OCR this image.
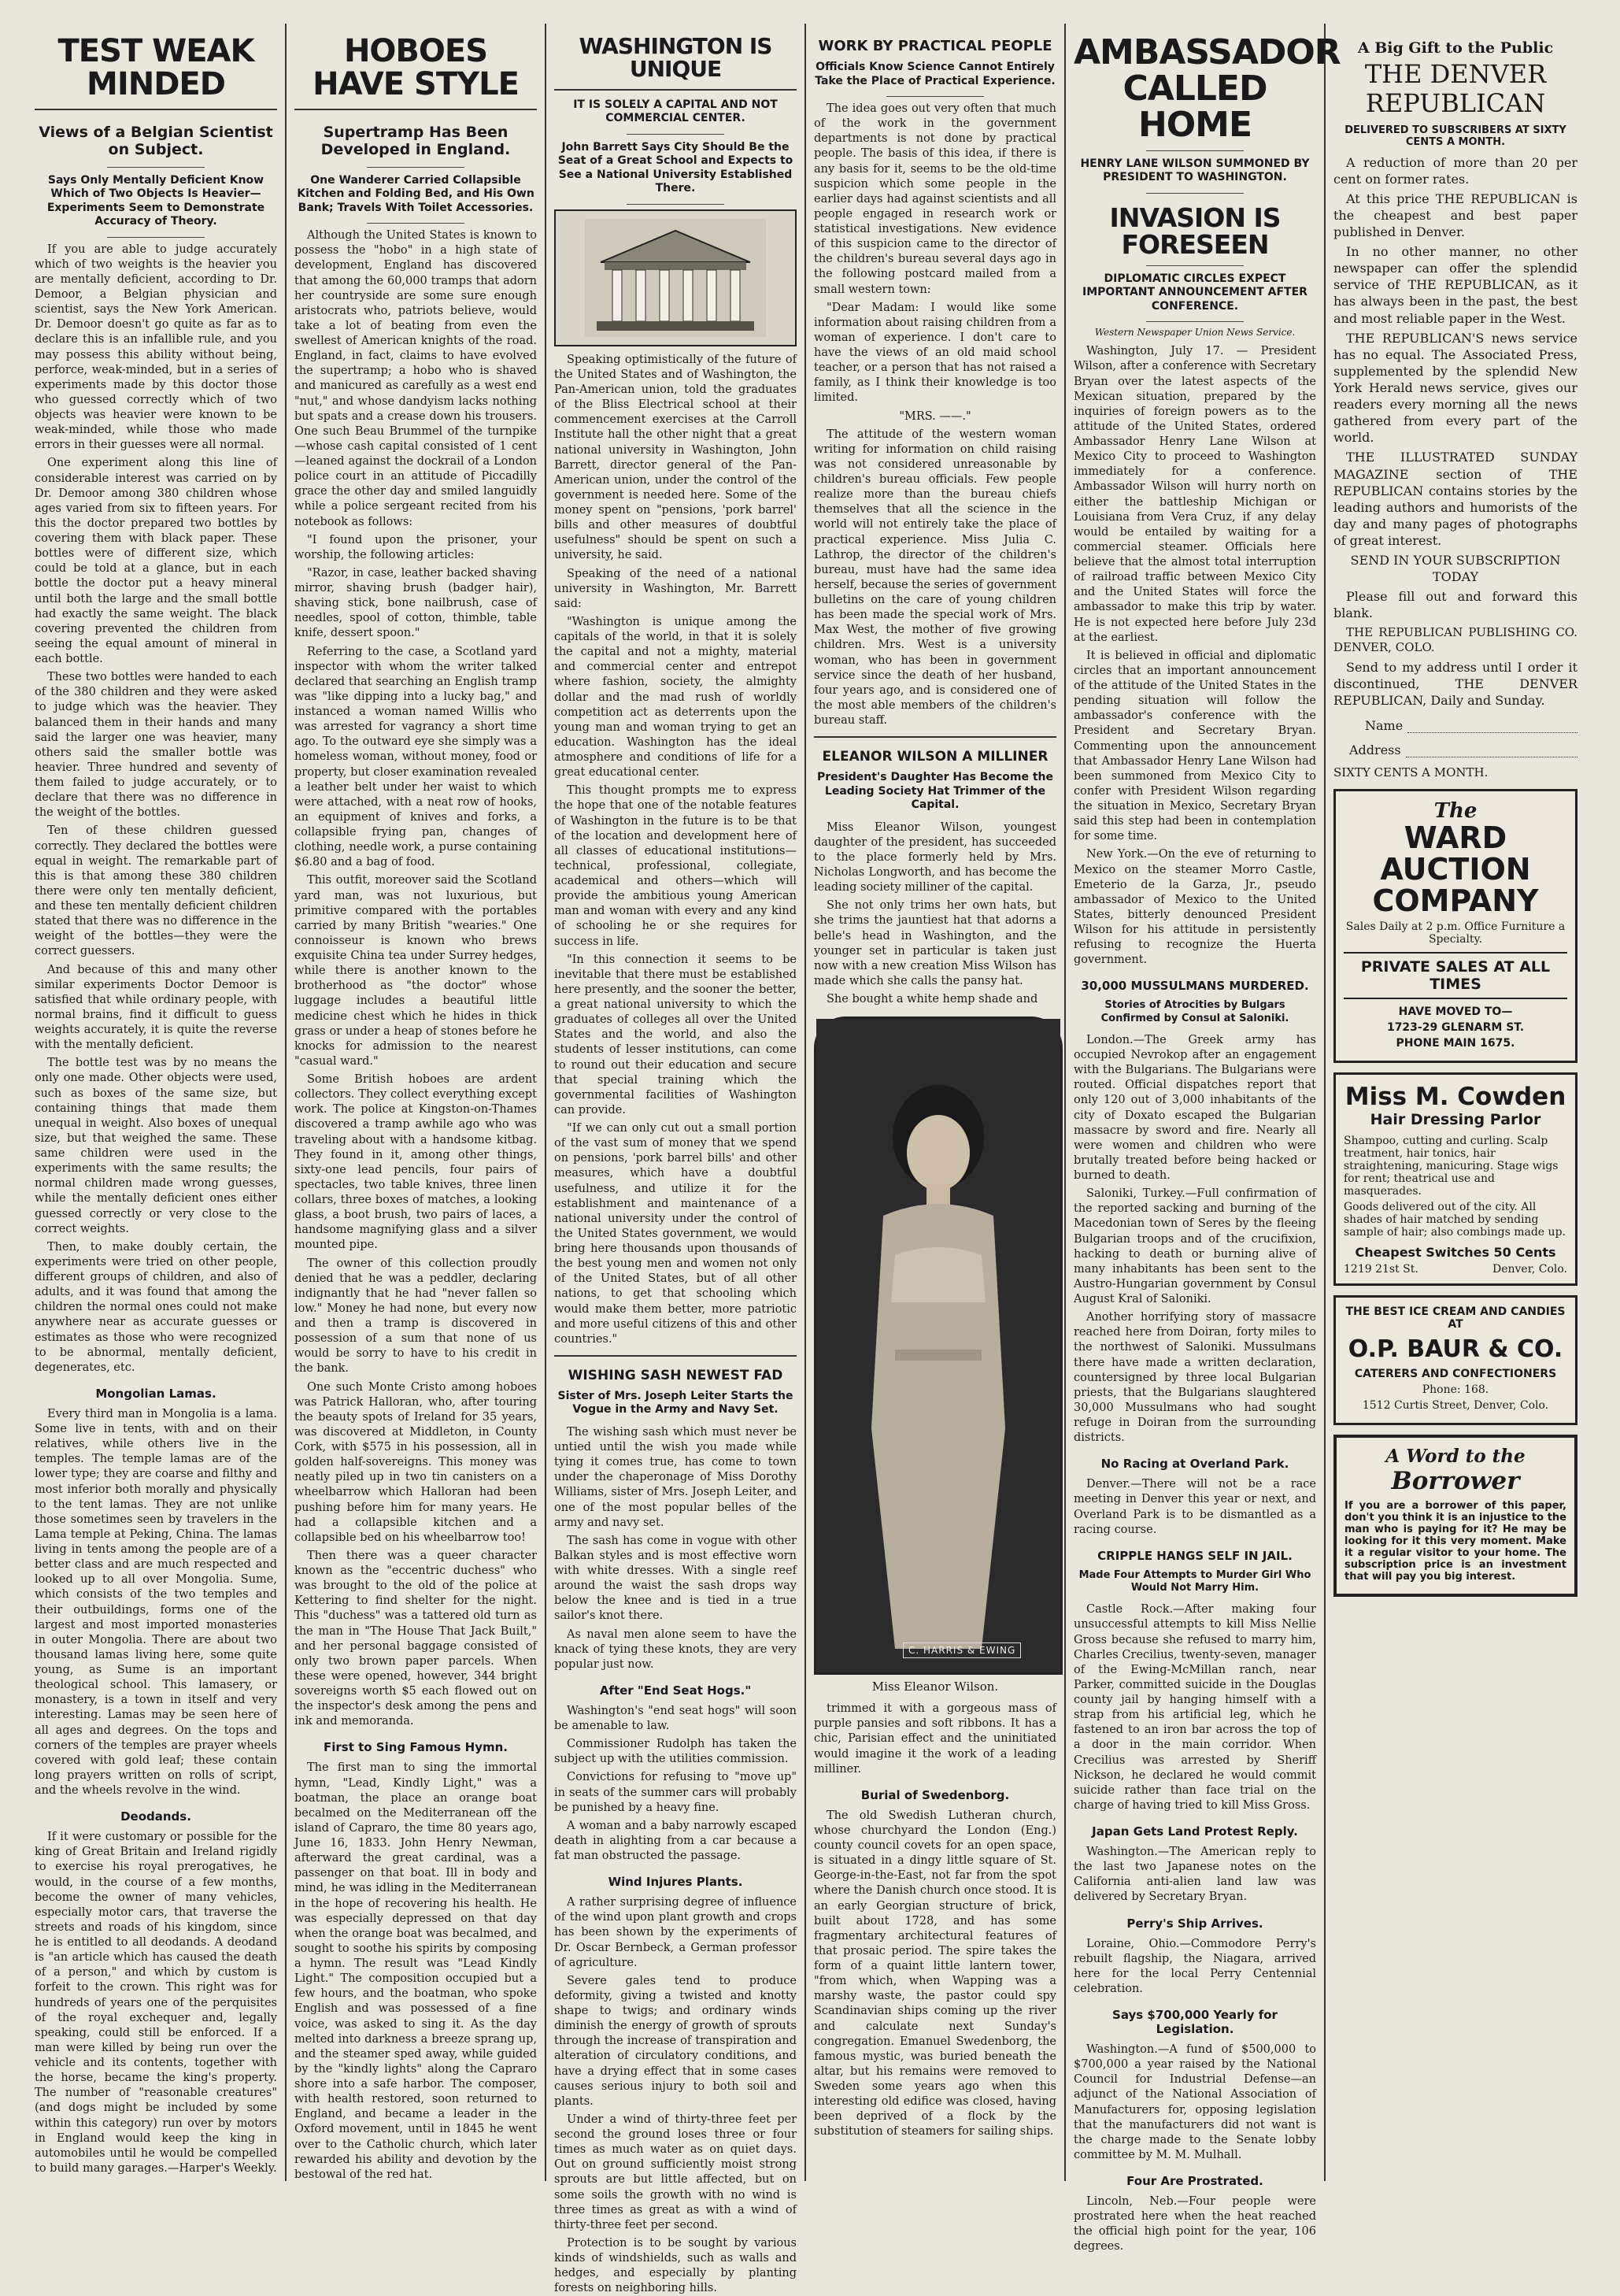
TEST WEAK MINDED
Views of a Belgian Scientist on Subject.
Says Only Mentally Deficient Know Which of Two Objects Is Heavier—Experiments Seem to Demonstrate Accuracy of Theory.

If you are able to judge accurately which of two weights is the heavier you are mentally deficient, according to Dr. Demoor, a Belgian physician and scientist, says the New York American. Dr. Demoor doesn't go quite as far as to declare this is an infallible rule, and you may possess this ability without being, perforce, weak-minded, but in a series of experiments made by this doctor those who guessed correctly which of two objects was heavier were known to be weak-minded, while those who made errors in their guesses were all normal.

One experiment along this line of considerable interest was carried on by Dr. Demoor among 380 children whose ages varied from six to fifteen years. For this the doctor prepared two bottles by covering them with black paper. These bottles were of different size, which could be told at a glance, but in each bottle the doctor put a heavy mineral until both the large and the small bottle had exactly the same weight. The black covering prevented the children from seeing the equal amount of mineral in each bottle.

These two bottles were handed to each of the 380 children and they were asked to judge which was the heavier. They balanced them in their hands and many said the larger one was heavier, many others said the smaller bottle was heavier. Three hundred and seventy of them failed to judge accurately, or to declare that there was no difference in the weight of the bottles.

Ten of these children guessed correctly. They declared the bottles were equal in weight. The remarkable part of this is that among these 380 children there were only ten mentally deficient, and these ten mentally deficient children stated that there was no difference in the weight of the bottles—they were the correct guessers.

And because of this and many other similar experiments Doctor Demoor is satisfied that while ordinary people, with normal brains, find it difficult to guess weights accurately, it is quite the reverse with the mentally deficient.

The bottle test was by no means the only one made. Other objects were used, such as boxes of the same size, but containing things that made them unequal in weight. Also boxes of unequal size, but that weighed the same. These same children were used in the experiments with the same results; the normal children made wrong guesses, while the mentally deficient ones either guessed correctly or very close to the correct weights.

Then, to make doubly certain, the experiments were tried on other people, different groups of children, and also of adults, and it was found that among the children the normal ones could not make anywhere near as accurate guesses or estimates as those who were recognized to be abnormal, mentally deficient, degenerates, etc.

Mongolian Lamas.

Every third man in Mongolia is a lama. Some live in tents, with and on their relatives, while others live in the temples. The temple lamas are of the lower type; they are coarse and filthy and most inferior both morally and physically to the tent lamas. They are not unlike those sometimes seen by travelers in the Lama temple at Peking, China. The lamas living in tents among the people are of a better class and are much respected and looked up to all over Mongolia. Sume, which consists of the two temples and their outbuildings, forms one of the largest and most imported monasteries in outer Mongolia. There are about two thousand lamas living here, some quite young, as Sume is an important theological school. This lamasery, or monastery, is a town in itself and very interesting. Lamas may be seen here of all ages and degrees. On the tops and corners of the temples are prayer wheels covered with gold leaf; these contain long prayers written on rolls of script, and the wheels revolve in the wind.

Deodands.

If it were customary or possible for the king of Great Britain and Ireland rigidly to exercise his royal prerogatives, he would, in the course of a few months, become the owner of many vehicles, especially motor cars, that traverse the streets and roads of his kingdom, since he is entitled to all deodands. A deodand is "an article which has caused the death of a person," and which by custom is forfeit to the crown. This right was for hundreds of years one of the perquisites of the royal exchequer and, legally speaking, could still be enforced. If a man were killed by being run over the vehicle and its contents, together with the horse, became the king's property. The number of "reasonable creatures" (and dogs might be included by some within this category) run over by motors in England would keep the king in automobiles until he would be compelled to build many garages.—Harper's Weekly.

HOBOES HAVE STYLE
Supertramp Has Been Developed in England.
One Wanderer Carried Collapsible Kitchen and Folding Bed, and His Own Bank; Travels With Toilet Accessories.

Although the United States is known to possess the "hobo" in a high state of development, England has discovered that among the 60,000 tramps that adorn her countryside are some sure enough aristocrats who, patriots believe, would take a lot of beating from even the swellest of American knights of the road. England, in fact, claims to have evolved the supertramp; a hobo who is shaved and manicured as carefully as a west end "nut," and whose dandyism lacks nothing but spats and a crease down his trousers. One such Beau Brummel of the turnpike—whose cash capital consisted of 1 cent—leaned against the dockrail of a London police court in an attitude of Piccadilly grace the other day and smiled languidly while a police sergeant recited from his notebook as follows:

"I found upon the prisoner, your worship, the following articles:

"Razor, in case, leather backed shaving mirror, shaving brush (badger hair), shaving stick, bone nailbrush, case of needles, spool of cotton, thimble, table knife, dessert spoon."

Referring to the case, a Scotland yard inspector with whom the writer talked declared that searching an English tramp was "like dipping into a lucky bag," and instanced a woman named Willis who was arrested for vagrancy a short time ago. To the outward eye she simply was a homeless woman, without money, food or property, but closer examination revealed a leather belt under her waist to which were attached, with a neat row of hooks, an equipment of knives and forks, a collapsible frying pan, changes of clothing, needle work, a purse containing $6.80 and a bag of food.

This outfit, moreover said the Scotland yard man, was not luxurious, but primitive compared with the portables carried by many British "wearies." One connoisseur is known who brews exquisite China tea under Surrey hedges, while there is another known to the brotherhood as "the doctor" whose luggage includes a beautiful little medicine chest which he hides in thick grass or under a heap of stones before he knocks for admission to the nearest "casual ward."

Some British hoboes are ardent collectors. They collect everything except work. The police at Kingston-on-Thames discovered a tramp awhile ago who was traveling about with a handsome kitbag. They found in it, among other things, sixty-one lead pencils, four pairs of spectacles, two table knives, three linen collars, three boxes of matches, a looking glass, a boot brush, two pairs of laces, a handsome magnifying glass and a silver mounted pipe.

The owner of this collection proudly denied that he was a peddler, declaring indignantly that he had "never fallen so low." Money he had none, but every now and then a tramp is discovered in possession of a sum that none of us would be sorry to have to his credit in the bank.

One such Monte Cristo among hoboes was Patrick Halloran, who, after touring the beauty spots of Ireland for 35 years, was discovered at Middleton, in County Cork, with $575 in his possession, all in golden half-sovereigns. This money was neatly piled up in two tin canisters on a wheelbarrow which Halloran had been pushing before him for many years. He had a collapsible kitchen and a collapsible bed on his wheelbarrow too!

Then there was a queer character known as the "eccentric duchess" who was brought to the old of the police at Kettering to find shelter for the night. This "duchess" was a tattered old turn as the man in "The House That Jack Built," and her personal baggage consisted of only two brown paper parcels. When these were opened, however, 344 bright sovereigns worth $5 each flowed out on the inspector's desk among the pens and ink and memoranda.

First to Sing Famous Hymn.

The first man to sing the immortal hymn, "Lead, Kindly Light," was a boatman, the place an orange boat becalmed on the Mediterranean off the island of Capraro, the time 80 years ago, June 16, 1833. John Henry Newman, afterward the great cardinal, was a passenger on that boat. Ill in body and mind, he was idling in the Mediterranean in the hope of recovering his health. He was especially depressed on that day when the orange boat was becalmed, and sought to soothe his spirits by composing a hymn. The result was "Lead Kindly Light." The composition occupied but a few hours, and the boatman, who spoke English and was possessed of a fine voice, was asked to sing it. As the day melted into darkness a breeze sprang up, and the steamer sped away, while guided by the "kindly lights" along the Capraro shore into a safe harbor. The composer, with health restored, soon returned to England, and became a leader in the Oxford movement, until in 1845 he went over to the Catholic church, which later rewarded his ability and devotion by the bestowal of the red hat.

WASHINGTON IS UNIQUE
IT IS SOLELY A CAPITAL AND NOT COMMERCIAL CENTER.
John Barrett Says City Should Be the Seat of a Great School and Expects to See a National University Established There.

Speaking optimistically of the future of the United States and of Washington, the Pan-American union, told the graduates of the Bliss Electrical school at their commencement exercises at the Carroll Institute hall the other night that a great national university in Washington, John Barrett, director general of the Pan-American union, under the control of the government is needed here. Some of the money spent on "pensions, 'pork barrel' bills and other measures of doubtful usefulness" should be spent on such a university, he said.

Speaking of the need of a national university in Washington, Mr. Barrett said:

"Washington is unique among the capitals of the world, in that it is solely the capital and not a mighty, material and commercial center and entrepot where fashion, society, the almighty dollar and the mad rush of worldly competition act as deterrents upon the young man and woman trying to get an education. Washington has the ideal atmosphere and conditions of life for a great educational center.

This thought prompts me to express the hope that one of the notable features of Washington in the future is to be that of the location and development here of all classes of educational institutions—technical, professional, collegiate, academical and others—which will provide the ambitious young American man and woman with every and any kind of schooling he or she requires for success in life.

"In this connection it seems to be inevitable that there must be established here presently, and the sooner the better, a great national university to which the graduates of colleges all over the United States and the world, and also the students of lesser institutions, can come to round out their education and secure that special training which the governmental facilities of Washington can provide.

"If we can only cut out a small portion of the vast sum of money that we spend on pensions, 'pork barrel bills' and other measures, which have a doubtful usefulness, and utilize it for the establishment and maintenance of a national university under the control of the United States government, we would bring here thousands upon thousands of the best young men and women not only of the United States, but of all other nations, to get that schooling which would make them better, more patriotic and more useful citizens of this and other countries."

WISHING SASH NEWEST FAD
Sister of Mrs. Joseph Leiter Starts the Vogue in the Army and Navy Set.

The wishing sash which must never be untied until the wish you made while tying it comes true, has come to town under the chaperonage of Miss Dorothy Williams, sister of Mrs. Joseph Leiter, and one of the most popular belles of the army and navy set.

The sash has come in vogue with other Balkan styles and is most effective worn with white dresses. With a single reef around the waist the sash drops way below the knee and is tied in a true sailor's knot there.

As naval men alone seem to have the knack of tying these knots, they are very popular just now.

After "End Seat Hogs."

Washington's "end seat hogs" will soon be amenable to law.

Commissioner Rudolph has taken the subject up with the utilities commission.

Convictions for refusing to "move up" in seats of the summer cars will probably be punished by a heavy fine.

A woman and a baby narrowly escaped death in alighting from a car because a fat man obstructed the passage.

Wind Injures Plants.

A rather surprising degree of influence of the wind upon plant growth and crops has been shown by the experiments of Dr. Oscar Bernbeck, a German professor of agriculture.

Severe gales tend to produce deformity, giving a twisted and knotty shape to twigs; and ordinary winds diminish the energy of growth of sprouts through the increase of transpiration and alteration of circulatory conditions, and have a drying effect that in some cases causes serious injury to both soil and plants.

Under a wind of thirty-three feet per second the ground loses three or four times as much water as on quiet days. Out on ground sufficiently moist strong sprouts are but little affected, but on some soils the growth with no wind is three times as great as with a wind of thirty-three feet per second.

Protection is to be sought by various kinds of windshields, such as walls and hedges, and especially by planting forests on neighboring hills.

WORK BY PRACTICAL PEOPLE
Officials Know Science Cannot Entirely Take the Place of Practical Experience.

The idea goes out very often that much of the work in the government departments is not done by practical people. The basis of this idea, if there is any basis for it, seems to be the old-time suspicion which some people in the earlier days had against scientists and all people engaged in research work or statistical investigations. New evidence of this suspicion came to the director of the children's bureau several days ago in the following postcard mailed from a small western town:

"Dear Madam: I would like some information about raising children from a woman of experience. I don't care to have the views of an old maid school teacher, or a person that has not raised a family, as I think their knowledge is too limited.

"MRS. ——."

The attitude of the western woman writing for information on child raising was not considered unreasonable by children's bureau officials. Few people realize more than the bureau chiefs themselves that all the science in the world will not entirely take the place of practical experience. Miss Julia C. Lathrop, the director of the children's bureau, must have had the same idea herself, because the series of government bulletins on the care of young children has been made the special work of Mrs. Max West, the mother of five growing children. Mrs. West is a university woman, who has been in government service since the death of her husband, four years ago, and is considered one of the most able members of the children's bureau staff.

ELEANOR WILSON A MILLINER
President's Daughter Has Become the Leading Society Hat Trimmer of the Capital.

Miss Eleanor Wilson, youngest daughter of the president, has succeeded to the place formerly held by Mrs. Nicholas Longworth, and has become the leading society milliner of the capital.

She not only trims her own hats, but she trims the jauntiest hat that adorns a belle's head in Washington, and the younger set in particular is taken just now with a new creation Miss Wilson has made which she calls the pansy hat.

She bought a white hemp shade and

C. HARRIS & EWING
Miss Eleanor Wilson.

trimmed it with a gorgeous mass of purple pansies and soft ribbons. It has a chic, Parisian effect and the uninitiated would imagine it the work of a leading milliner.

Burial of Swedenborg.

The old Swedish Lutheran church, whose churchyard the London (Eng.) county council covets for an open space, is situated in a dingy little square of St. George-in-the-East, not far from the spot where the Danish church once stood. It is an early Georgian structure of brick, built about 1728, and has some fragmentary architectural features of that prosaic period. The spire takes the form of a quaint little lantern tower, "from which, when Wapping was a marshy waste, the pastor could spy Scandinavian ships coming up the river and calculate next Sunday's congregation. Emanuel Swedenborg, the famous mystic, was buried beneath the altar, but his remains were removed to Sweden some years ago when this interesting old edifice was closed, having been deprived of a flock by the substitution of steamers for sailing ships.

AMBASSADOR CALLED HOME
HENRY LANE WILSON SUMMONED BY PRESIDENT TO WASHINGTON.
INVASION IS FORESEEN
DIPLOMATIC CIRCLES EXPECT IMPORTANT ANNOUNCEMENT AFTER CONFERENCE.
Western Newspaper Union News Service.

Washington, July 17. — President Wilson, after a conference with Secretary Bryan over the latest aspects of the Mexican situation, prepared by the inquiries of foreign powers as to the attitude of the United States, ordered Ambassador Henry Lane Wilson at Mexico City to proceed to Washington immediately for a conference. Ambassador Wilson will hurry north on either the battleship Michigan or Louisiana from Vera Cruz, if any delay would be entailed by waiting for a commercial steamer. Officials here believe that the almost total interruption of railroad traffic between Mexico City and the United States will force the ambassador to make this trip by water. He is not expected here before July 23d at the earliest.

It is believed in official and diplomatic circles that an important announcement of the attitude of the United States in the pending situation will follow the ambassador's conference with the President and Secretary Bryan. Commenting upon the announcement that Ambassador Henry Lane Wilson had been summoned from Mexico City to confer with President Wilson regarding the situation in Mexico, Secretary Bryan said this step had been in contemplation for some time.

New York.—On the eve of returning to Mexico on the steamer Morro Castle, Emeterio de la Garza, Jr., pseudo ambassador of Mexico to the United States, bitterly denounced President Wilson for his attitude in persistently refusing to recognize the Huerta government.

30,000 MUSSULMANS MURDERED.
Stories of Atrocities by Bulgars Confirmed by Consul at Saloniki.

London.—The Greek army has occupied Nevrokop after an engagement with the Bulgarians. The Bulgarians were routed. Official dispatches report that only 120 out of 3,000 inhabitants of the city of Doxato escaped the Bulgarian massacre by sword and fire. Nearly all were women and children who were brutally treated before being hacked or burned to death.

Saloniki, Turkey.—Full confirmation of the reported sacking and burning of the Macedonian town of Seres by the fleeing Bulgarian troops and of the crucifixion, hacking to death or burning alive of many inhabitants has been sent to the Austro-Hungarian government by Consul August Kral of Saloniki.

Another horrifying story of massacre reached here from Doiran, forty miles to the northwest of Saloniki. Mussulmans there have made a written declaration, countersigned by three local Bulgarian priests, that the Bulgarians slaughtered 30,000 Mussulmans who had sought refuge in Doiran from the surrounding districts.

No Racing at Overland Park.

Denver.—There will not be a race meeting in Denver this year or next, and Overland Park is to be dismantled as a racing course.

CRIPPLE HANGS SELF IN JAIL.
Made Four Attempts to Murder Girl Who Would Not Marry Him.

Castle Rock.—After making four unsuccessful attempts to kill Miss Nellie Gross because she refused to marry him, Charles Crecilius, twenty-seven, manager of the Ewing-McMillan ranch, near Parker, committed suicide in the Douglas county jail by hanging himself with a strap from his artificial leg, which he fastened to an iron bar across the top of a door in the main corridor. When Crecilius was arrested by Sheriff Nickson, he declared he would commit suicide rather than face trial on the charge of having tried to kill Miss Gross.

Japan Gets Land Protest Reply.

Washington.—The American reply to the last two Japanese notes on the California anti-alien land law was delivered by Secretary Bryan.

Perry's Ship Arrives.

Loraine, Ohio.—Commodore Perry's rebuilt flagship, the Niagara, arrived here for the local Perry Centennial celebration.

Says $700,000 Yearly for Legislation.

Washington.—A fund of $500,000 to $700,000 a year raised by the National Council for Industrial Defense—an adjunct of the National Association of Manufacturers for, opposing legislation that the manufacturers did not want is the charge made to the Senate lobby committee by M. M. Mulhall.

Four Are Prostrated.

Lincoln, Neb.—Four people were prostrated here when the heat reached the official high point for the year, 106 degrees.

A Big Gift to the Public
THE DENVER REPUBLICAN
DELIVERED TO SUBSCRIBERS AT SIXTY CENTS A MONTH.

A reduction of more than 20 per cent on former rates.

At this price THE REPUBLICAN is the cheapest and best paper published in Denver.

In no other manner, no other newspaper can offer the splendid service of THE REPUBLICAN, as it has always been in the past, the best and most reliable paper in the West.

THE REPUBLICAN'S news service has no equal. The Associated Press, supplemented by the splendid New York Herald news service, gives our readers every morning all the news gathered from every part of the world.

THE ILLUSTRATED SUNDAY MAGAZINE section of THE REPUBLICAN contains stories by the leading authors and humorists of the day and many pages of photographs of great interest.

SEND IN YOUR SUBSCRIPTION TODAY

Please fill out and forward this blank.

THE REPUBLICAN PUBLISHING CO. DENVER, COLO.

Send to my address until I order it discontinued, THE DENVER REPUBLICAN, Daily and Sunday.

Name
Address
SIXTY CENTS A MONTH.
The
WARD AUCTION COMPANY
Sales Daily at 2 p.m. Office Furniture a Specialty.
PRIVATE SALES AT ALL TIMES
HAVE MOVED TO—
1723-29 GLENARM ST.
PHONE MAIN 1675.
Miss M. Cowden
Hair Dressing Parlor
Shampoo, cutting and curling. Scalp treatment, hair tonics, hair straightening, manicuring. Stage wigs for rent; theatrical use and masquerades.
Goods delivered out of the city. All shades of hair matched by sending sample of hair; also combings made up.
Cheapest Switches 50 Cents
1219 21st St.	Denver, Colo.
THE BEST ICE CREAM AND CANDIES AT
O.P. BAUR & CO.
CATERERS AND CONFECTIONERS
Phone: 168.
1512 Curtis Street, Denver, Colo.
A Word to the
Borrower
If you are a borrower of this paper, don't you think it is an injustice to the man who is paying for it? He may be looking for it this very moment. Make it a regular visitor to your home. The subscription price is an investment that will pay you big interest.
